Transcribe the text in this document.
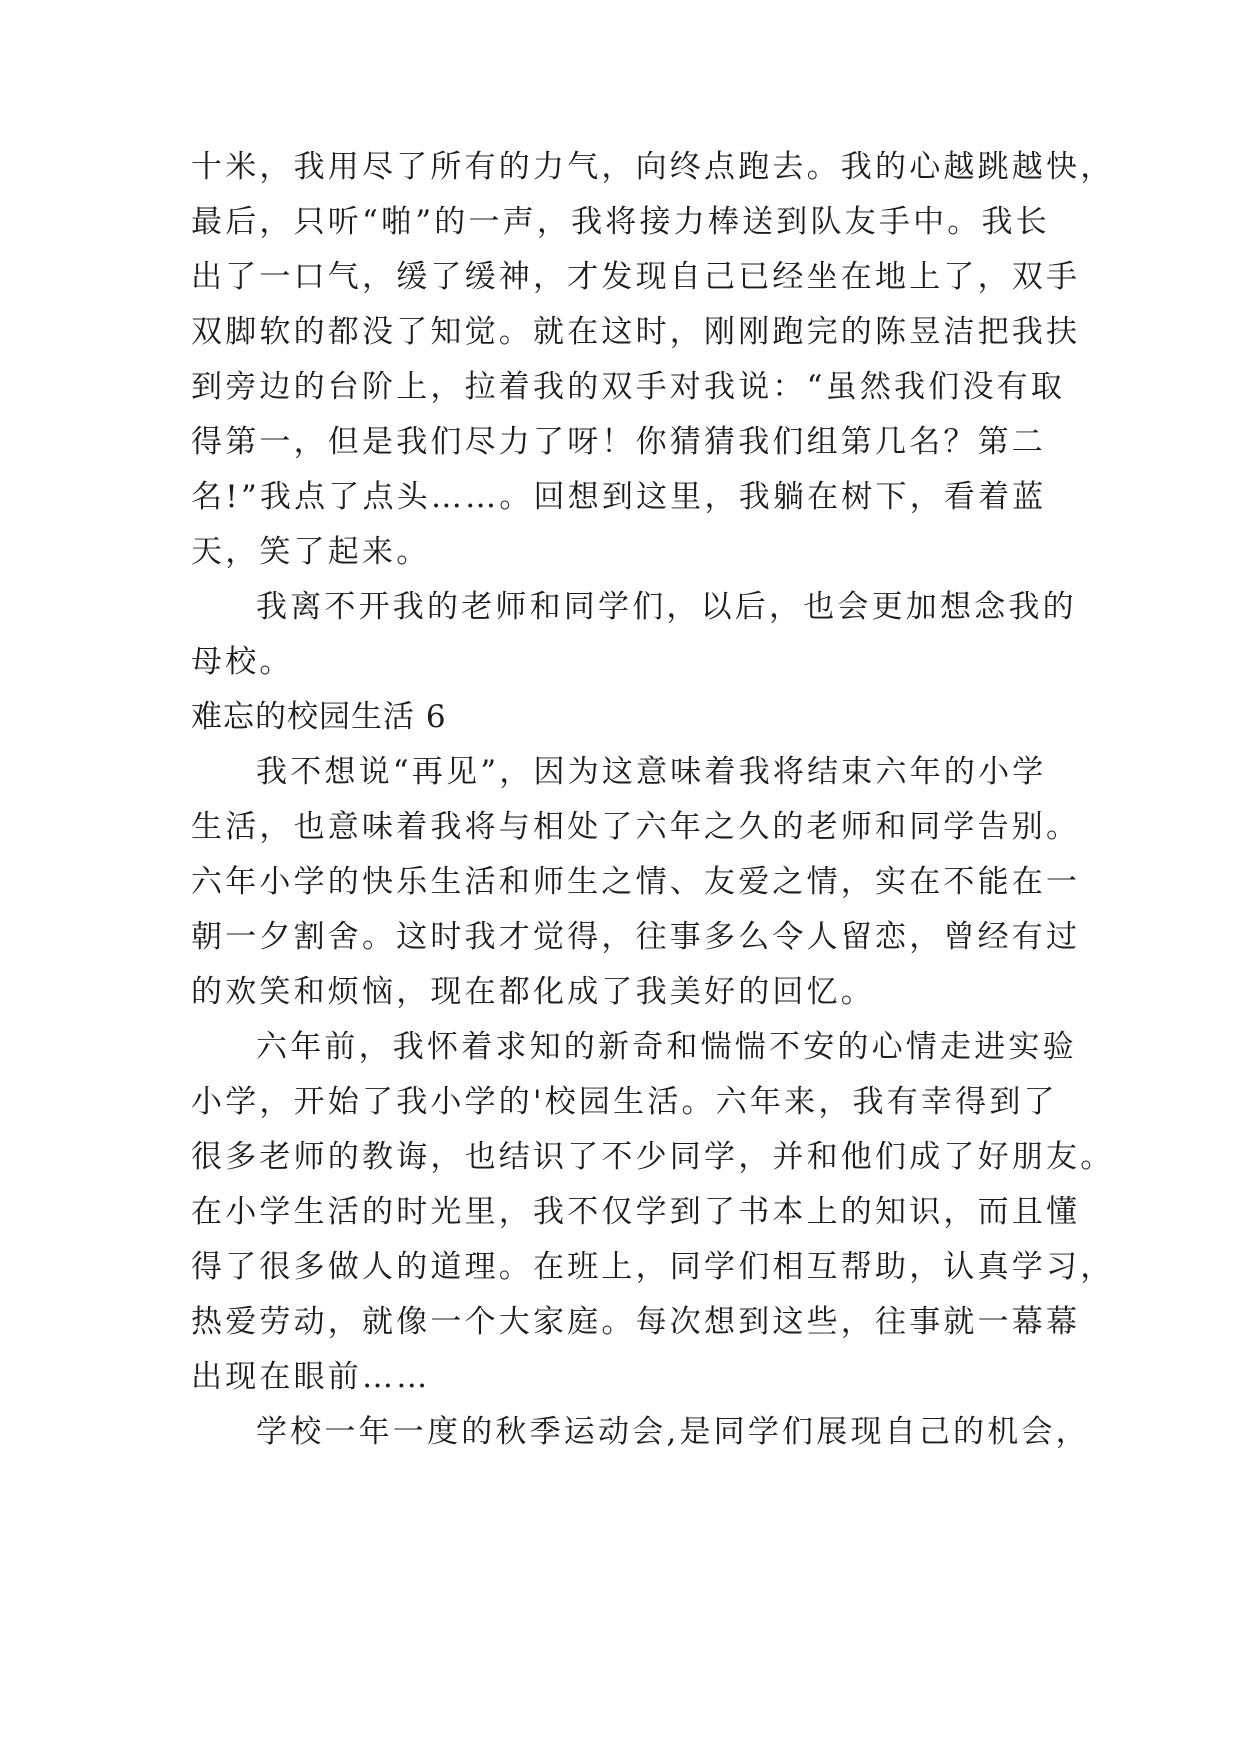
十米，我用尽了所有的力气，向终点跑去。我的心越跳越快，
最后，只听“啪”的一声，我将接力棒送到队友手中。我长
出了一口气，缓了缓神，才发现自己已经坐在地上了，双手
双脚软的都没了知觉。就在这时，刚刚跑完的陈昱洁把我扶
到旁边的台阶上，拉着我的双手对我说：“虽然我们没有取
得第一，但是我们尽力了呀！你猜猜我们组第几名？第二
名!”我点了点头……。回想到这里，我躺在树下，看着蓝
天，笑了起来。
我离不开我的老师和同学们，以后，也会更加想念我的
母校。
难忘的校园生活 6
我不想说“再见”，因为这意味着我将结束六年的小学
生活，也意味着我将与相处了六年之久的老师和同学告别。
六年小学的快乐生活和师生之情、友爱之情，实在不能在一
朝一夕割舍。这时我才觉得，往事多么令人留恋，曾经有过
的欢笑和烦恼，现在都化成了我美好的回忆。
六年前，我怀着求知的新奇和惴惴不安的心情走进实验
小学，开始了我小学的'校园生活。六年来，我有幸得到了
很多老师的教诲，也结识了不少同学，并和他们成了好朋友。
在小学生活的时光里，我不仅学到了书本上的知识，而且懂
得了很多做人的道理。在班上，同学们相互帮助，认真学习，
热爱劳动，就像一个大家庭。每次想到这些，往事就一幕幕
出现在眼前……
学校一年一度的秋季运动会,是同学们展现自己的机会，
